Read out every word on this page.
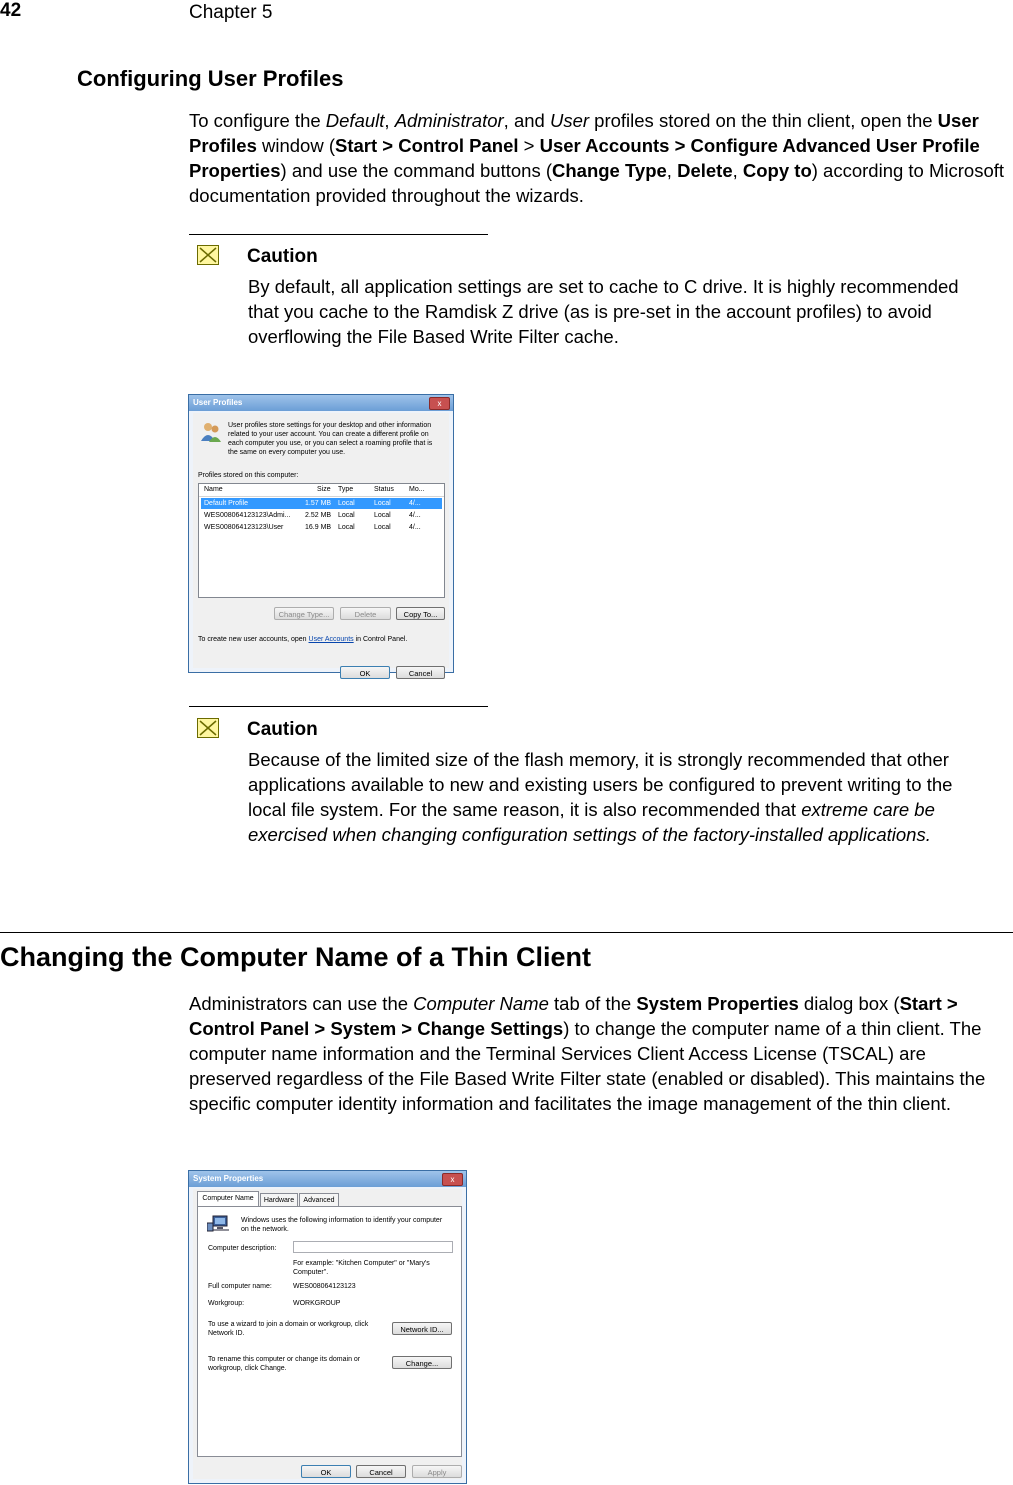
42	Chapter 5
Configuring User Profiles
To configure the Default, Administrator, and User profiles stored on the thin client, open the User Profiles window (Start > Control Panel > User Accounts > Configure Advanced User Profile Properties) and use the command buttons (Change Type, Delete, Copy to) according to Microsoft documentation provided throughout the wizards.
Caution
By default, all application settings are set to cache to C drive. It is highly recommended that you cache to the Ramdisk Z drive (as is pre-set in the account profiles) to avoid overflowing the File Based Write Filter cache.
User Profiles	x
User profiles store settings for your desktop and other information related to your user account. You can create a different profile on each computer you use, or you can select a roaming profile that is the same on every computer you use.
Profiles stored on this computer:
Name	Size Type	Status Mo...
Default Profile	1.57 MB Local	Local	4/...
WES008064123123\Admi...	2.52 MB Local	Local	4/...
WES008064123123\User	16.9 MB Local	Local	4/...
Change Type...	Delete	Copy To...
To create new user accounts, open User Accounts in Control Panel.
OK	Cancel
Caution
Because of the limited size of the flash memory, it is strongly recommended that other applications available to new and existing users be configured to prevent writing to the local file system. For the same reason, it is also recommended that extreme care be exercised when changing configuration settings of the factory-installed applications.
Changing the Computer Name of a Thin Client
Administrators can use the Computer Name tab of the System Properties dialog box (Start > Control Panel > System > Change Settings) to change the computer name of a thin client. The computer name information and the Terminal Services Client Access License (TSCAL) are preserved regardless of the File Based Write Filter state (enabled or disabled). This maintains the specific computer identity information and facilitates the image management of the thin client.
System Properties	x
Computer Name	Hardware	Advanced
Windows uses the following information to identify your computer on the network.
Computer description:
For example: "Kitchen Computer" or "Mary's Computer".
Full computer name:	WES008064123123
Workgroup:	WORKGROUP
To use a wizard to join a domain or workgroup, click Network ID.	Network ID...
To rename this computer or change its domain or workgroup, click Change.
Change...
OK	Cancel	Apply
